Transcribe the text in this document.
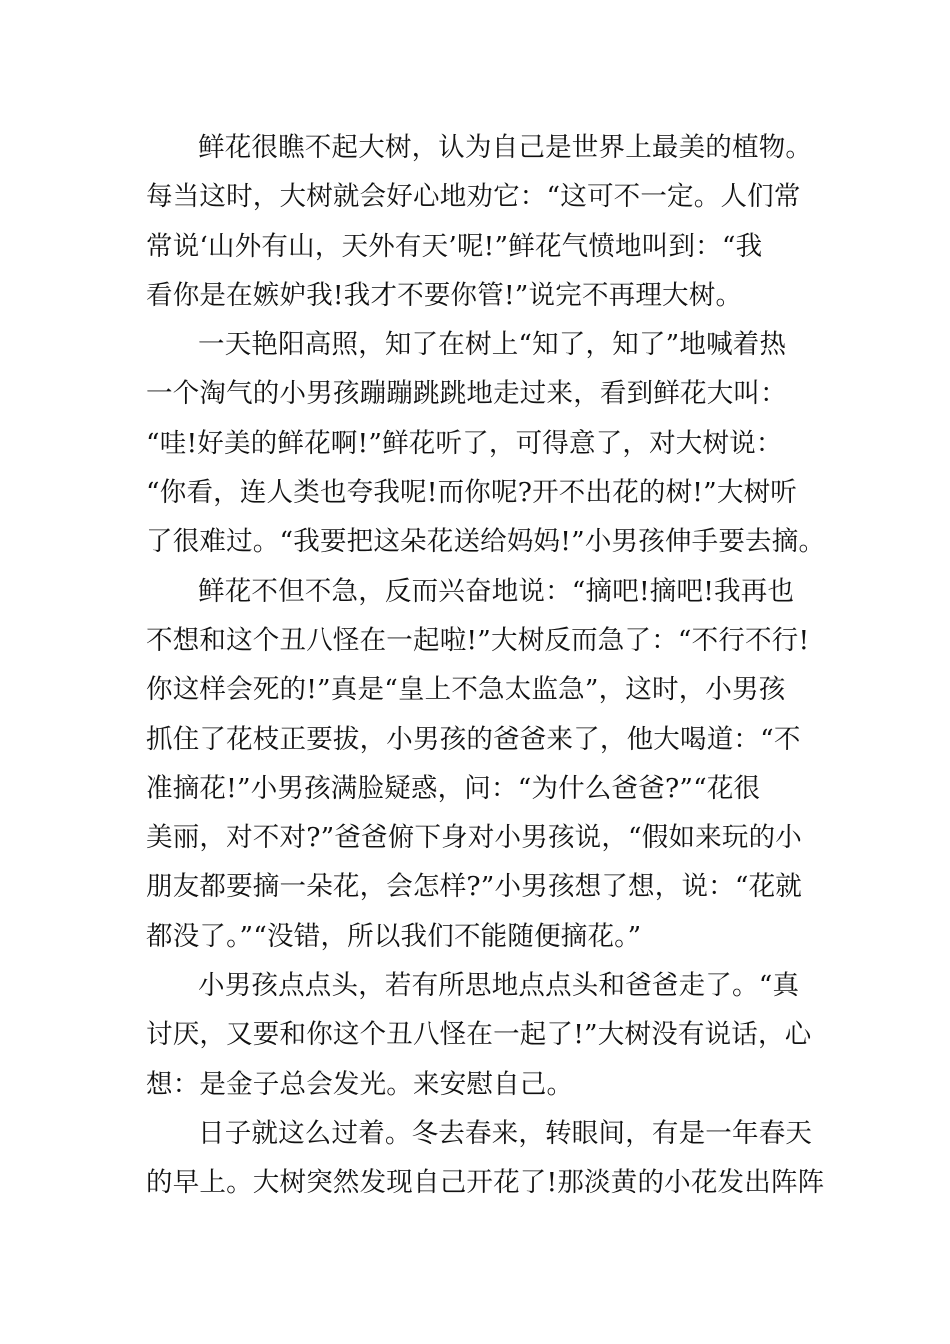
鲜花很瞧不起大树，认为自己是世界上最美的植物。
每当这时，大树就会好心地劝它：“这可不一定。人们常
常说‘山外有山，天外有天’呢!”鲜花气愤地叫到：“我
看你是在嫉妒我!我才不要你管!”说完不再理大树。
一天艳阳高照，知了在树上“知了，知了”地喊着热
一个淘气的小男孩蹦蹦跳跳地走过来，看到鲜花大叫：
“哇!好美的鲜花啊!”鲜花听了，可得意了，对大树说：
“你看，连人类也夸我呢!而你呢?开不出花的树!”大树听
了很难过。“我要把这朵花送给妈妈!”小男孩伸手要去摘。
鲜花不但不急，反而兴奋地说：“摘吧!摘吧!我再也
不想和这个丑八怪在一起啦!”大树反而急了：“不行不行!
你这样会死的!”真是“皇上不急太监急”，这时，小男孩
抓住了花枝正要拔，小男孩的爸爸来了，他大喝道：“不
准摘花!”小男孩满脸疑惑，问：“为什么爸爸?”“花很
美丽，对不对?”爸爸俯下身对小男孩说，“假如来玩的小
朋友都要摘一朵花，会怎样?”小男孩想了想，说：“花就
都没了。”“没错，所以我们不能随便摘花。”
小男孩点点头，若有所思地点点头和爸爸走了。“真
讨厌，又要和你这个丑八怪在一起了!”大树没有说话，心
想：是金子总会发光。来安慰自己。
日子就这么过着。冬去春来，转眼间，有是一年春天
的早上。大树突然发现自己开花了!那淡黄的小花发出阵阵
